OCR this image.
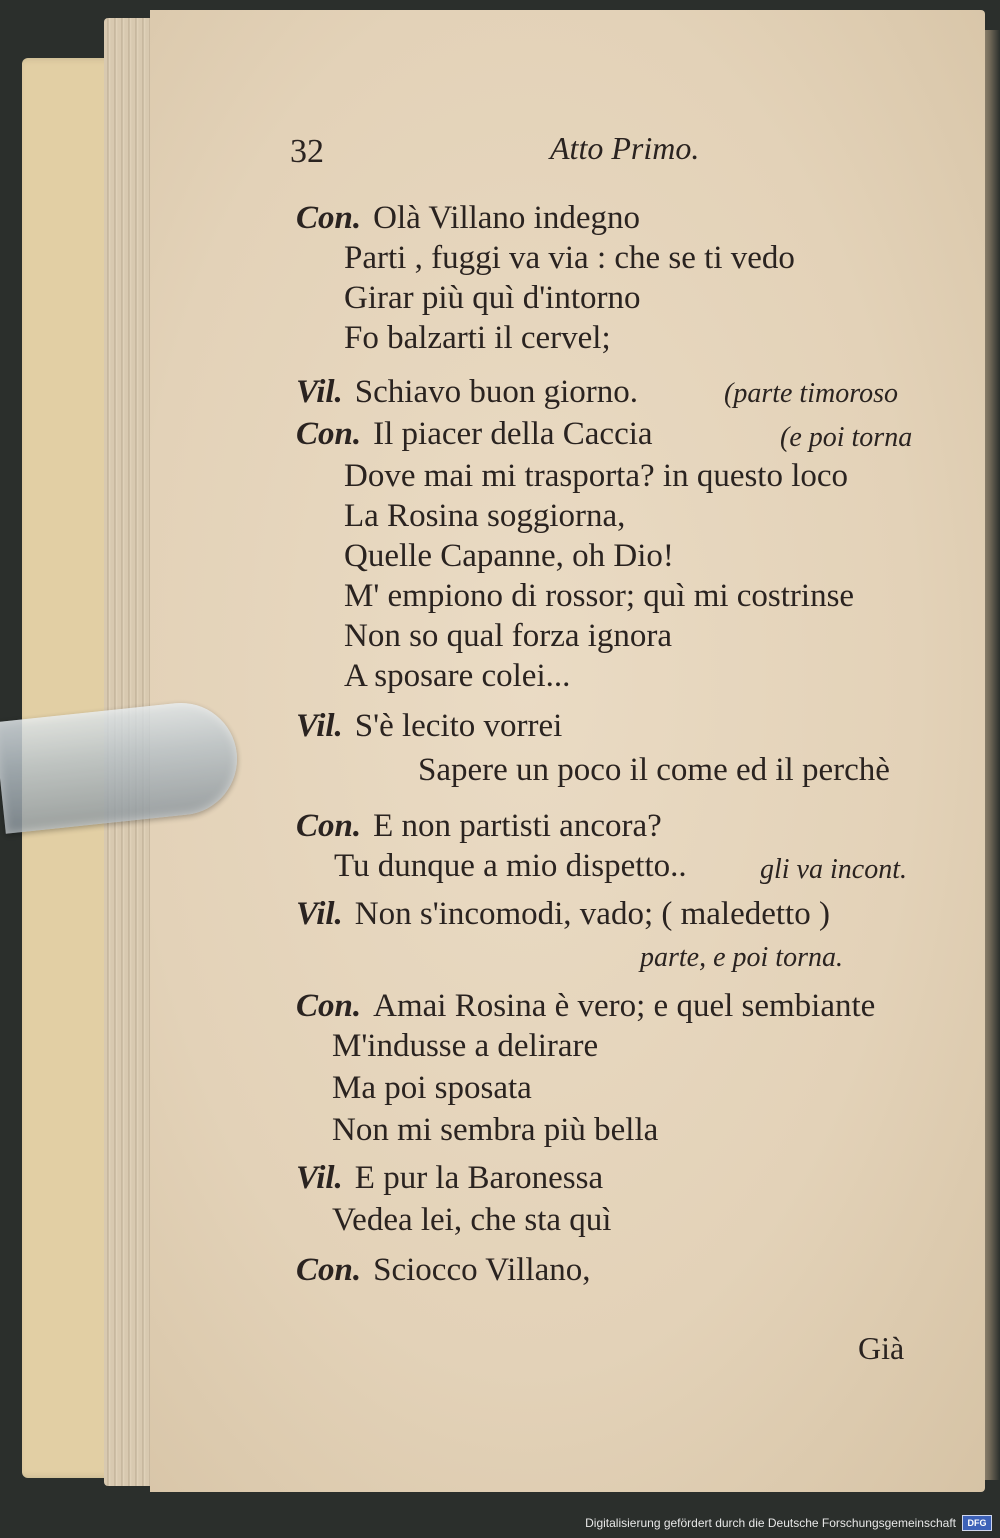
32	Atto Primo.
Con. Olà Villano indegno
Parti , fuggi va via : che se ti vedo
Girar più quì d'intorno
Fo balzarti il cervel;
Vil. Schiavo buon giorno.	(parte timoroso
Con. Il piacer della Caccia	(e poi torna
Dove mai mi trasporta? in questo loco
La Rosina soggiorna,
Quelle Capanne, oh Dio!
M' empiono di rossor; quì mi costrinse
Non so qual forza ignora
A sposare colei...
Vil. S'è lecito vorrei
Sapere un poco il come ed il perchè
Con. E non partisti ancora?
Tu dunque a mio dispetto..	gli va incont.
Vil. Non s'incomodi, vado; ( maledetto )
parte, e poi torna.
Con. Amai Rosina è vero; e quel sembiante
M'indusse a delirare
Ma poi sposata
Non mi sembra più bella
Vil. E pur la Baronessa
Vedea lei, che sta quì
Con. Sciocco Villano,
Già
Digitalisierung gefördert durch die Deutsche Forschungsgemeinschaft	DFG
